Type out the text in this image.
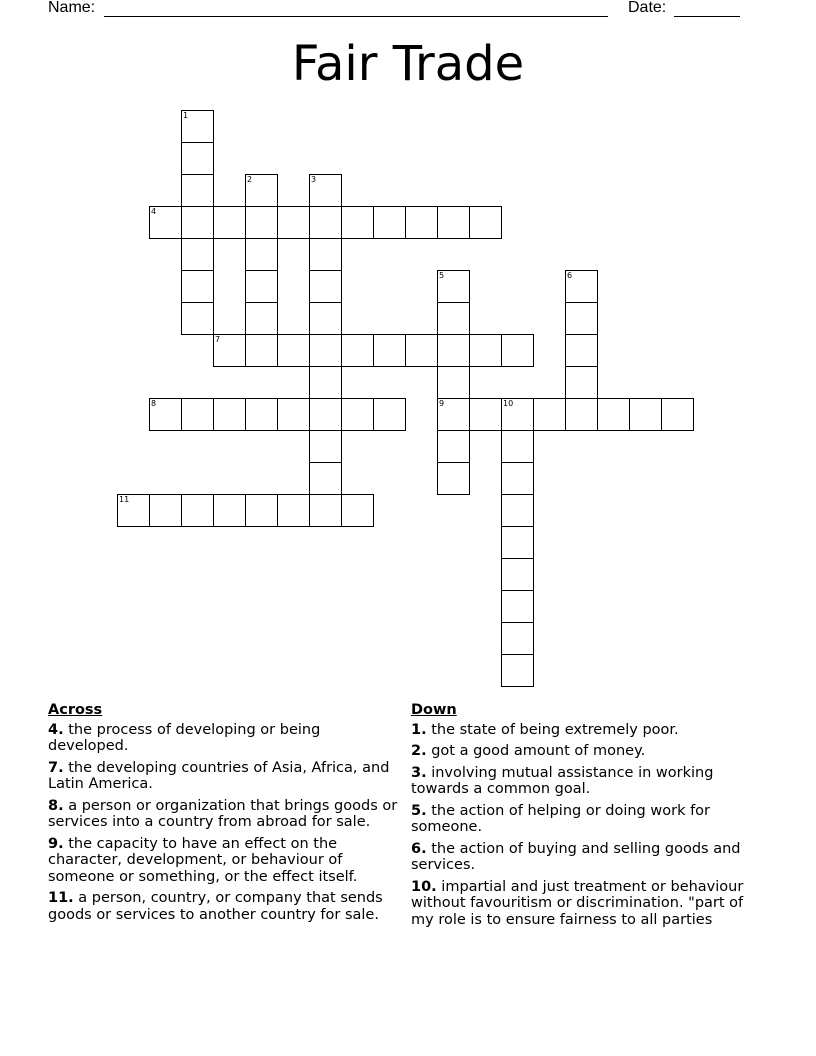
Name:	Date:
Fair Trade
1
2	3
4
5
9
6
7
8	10
11
Across
4. the process of developing or being developed.
7. the developing countries of Asia, Africa, and Latin America.
8. a person or organization that brings goods or services into a country from abroad for sale.
9. the capacity to have an effect on the character, development, or behaviour of someone or something, or the effect itself.
11. a person, country, or company that sends goods or services to another country for sale.
Down
1. the state of being extremely poor.
2. got a good amount of money.
3. involving mutual assistance in working towards a common goal.
5. the action of helping or doing work for someone.
6. the action of buying and selling goods and services.
10. impartial and just treatment or behaviour without favouritism or discrimination. "part of my role is to ensure fairness to all parties
